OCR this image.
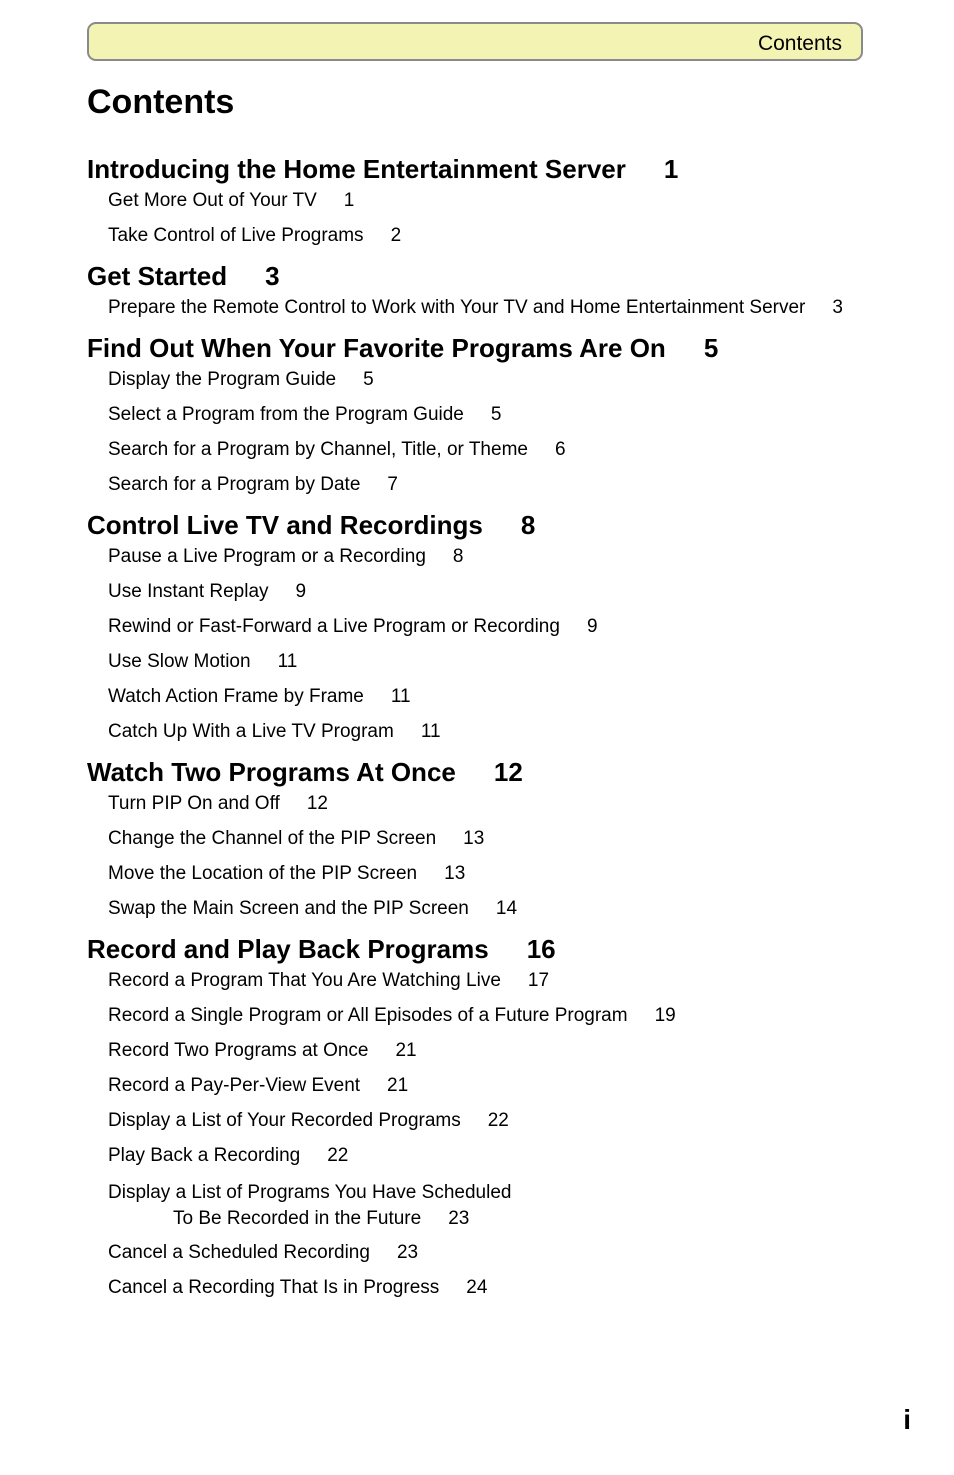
Contents
Contents
Introducing the Home Entertainment Server 1
Get More Out of Your TV 1
Take Control of Live Programs 2
Get Started 3
Prepare the Remote Control to Work with Your TV and Home Entertainment Server 3
Find Out When Your Favorite Programs Are On 5
Display the Program Guide 5
Select a Program from the Program Guide 5
Search for a Program by Channel, Title, or Theme 6
Search for a Program by Date 7
Control Live TV and Recordings 8
Pause a Live Program or a Recording 8
Use Instant Replay 9
Rewind or Fast-Forward a Live Program or Recording 9
Use Slow Motion 11
Watch Action Frame by Frame 11
Catch Up With a Live TV Program 11
Watch Two Programs At Once 12
Turn PIP On and Off 12
Change the Channel of the PIP Screen 13
Move the Location of the PIP Screen 13
Swap the Main Screen and the PIP Screen 14
Record and Play Back Programs 16
Record a Program That You Are Watching Live 17
Record a Single Program or All Episodes of a Future Program 19
Record Two Programs at Once 21
Record a Pay-Per-View Event 21
Display a List of Your Recorded Programs 22
Play Back a Recording 22
Display a List of Programs You Have Scheduled
To Be Recorded in the Future 23
Cancel a Scheduled Recording 23
Cancel a Recording That Is in Progress 24
i
